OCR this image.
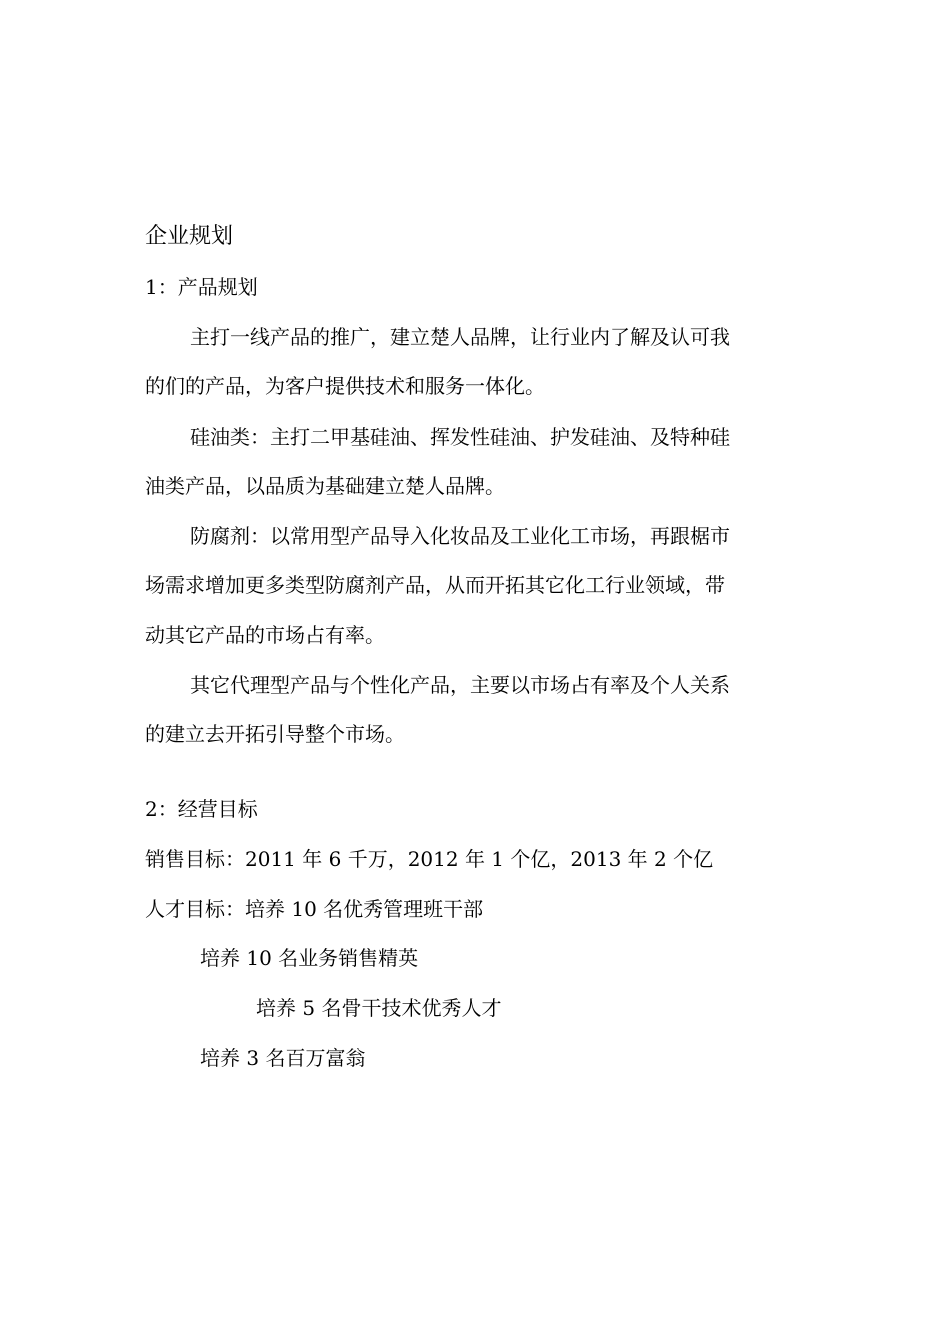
企业规划
1：产品规划
主打一线产品的推广，建立楚人品牌，让行业内了解及认可我
的们的产品，为客户提供技术和服务一体化。
硅油类：主打二甲基硅油、挥发性硅油、护发硅油、及特种硅
油类产品，以品质为基础建立楚人品牌。
防腐剂：以常用型产品导入化妆品及工业化工市场，再跟椐市
场需求增加更多类型防腐剂产品，从而开拓其它化工行业领域，带
动其它产品的市场占有率。
其它代理型产品与个性化产品，主要以市场占有率及个人关系
的建立去开拓引导整个市场。
2：经营目标
销售目标：2011 年 6 千万，2012 年 1 个亿，2013 年 2 个亿
人才目标：培养 10 名优秀管理班干部
培养 10 名业务销售精英
培养 5 名骨干技术优秀人才
培养 3 名百万富翁
